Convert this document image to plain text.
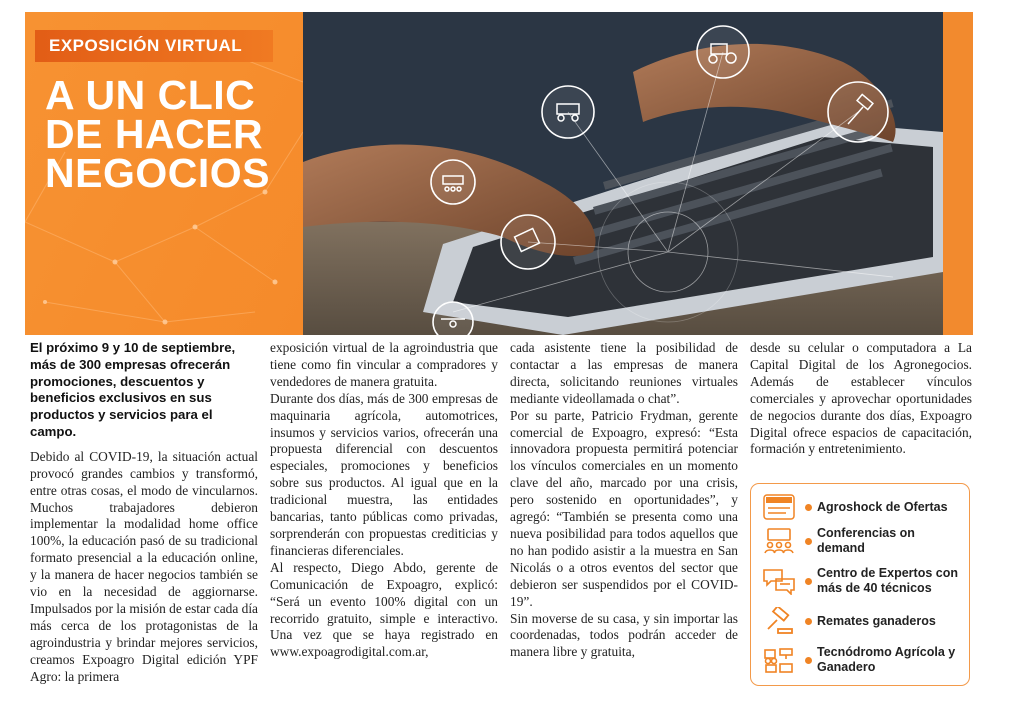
EXPOSICIÓN VIRTUAL
A UN CLIC
DE HACER
NEGOCIOS

El próximo 9 y 10 de septiembre, más de 300 empresas ofrecerán promociones, descuentos y beneficios exclusivos en sus productos y servicios para el campo.

Debido al COVID-19, la situación actual provocó grandes cambios y transformó, entre otras cosas, el modo de vincularnos. Muchos trabajadores debieron implementar la modalidad home office 100%, la educación pasó de su tradicional formato presencial a la educación online, y la manera de hacer negocios también se vio en la necesidad de aggiornarse. Impulsados por la misión de estar cada día más cerca de los protagonistas de la agroindustria y brindar mejores servicios, creamos Expoagro Digital edición YPF Agro: la primera

exposición virtual de la agroindustria que tiene como fin vincular a compradores y vendedores de manera gratuita.

Durante dos días, más de 300 empresas de maquinaria agrícola, automotrices, insumos y servicios varios, ofrecerán una propuesta diferencial con descuentos especiales, promociones y beneficios sobre sus productos. Al igual que en la tradicional muestra, las entidades bancarias, tanto públicas como privadas, sorprenderán con propuestas crediticias y financieras diferenciales.

Al respecto, Diego Abdo, gerente de Comunicación de Expoagro, explicó: “Será un evento 100% digital con un recorrido gratuito, simple e interactivo. Una vez que se haya registrado en www.expoagrodigital.com.ar,

cada asistente tiene la posibilidad de contactar a las empresas de manera directa, solicitando reuniones virtuales mediante videollamada o chat”.

Por su parte, Patricio Frydman, gerente comercial de Expoagro, expresó: “Esta innovadora propuesta permitirá potenciar los vínculos comerciales en un momento clave del año, marcado por una crisis, pero sostenido en oportunidades”, y agregó: “También se presenta como una nueva posibilidad para todos aquellos que no han podido asistir a la muestra en San Nicolás o a otros eventos del sector que debieron ser suspendidos por el COVID-19”.

Sin moverse de su casa, y sin importar las coordenadas, todos podrán acceder de manera libre y gratuita,

desde su celular o computadora a La Capital Digital de los Agronegocios. Además de establecer vínculos comerciales y aprovechar oportunidades de negocios durante dos días, Expoagro Digital ofrece espacios de capacitación, formación y entretenimiento.

Agroshock de Ofertas
Conferencias on demand
Centro de Expertos con más de 40 técnicos
Remates ganaderos
Tecnódromo Agrícola y Ganadero
